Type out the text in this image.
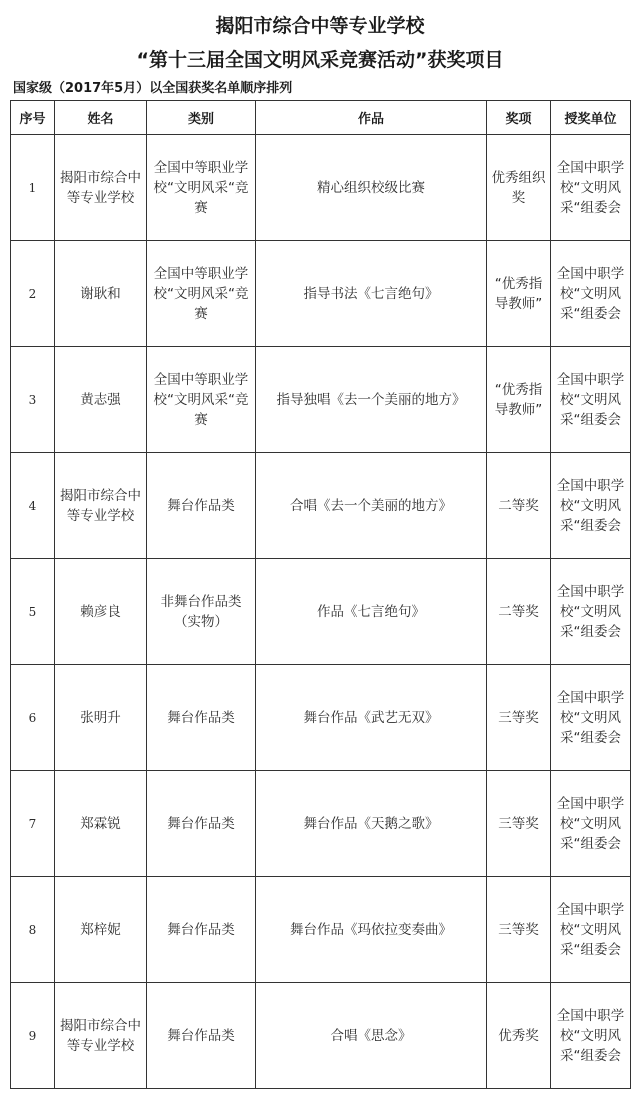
揭阳市综合中等专业学校
“第十三届全国文明风采竞赛活动”获奖项目
国家级（2017年5月）以全国获奖名单顺序排列
序号	姓名	类别	作品	奖项	授奖单位
1	揭阳市综合中等专业学校	全国中等职业学校“文明风采“竞赛	精心组织校级比赛	优秀组织奖	全国中职学校“文明风采“组委会
2	谢耿和	全国中等职业学校“文明风采“竞赛	指导书法《七言绝句》	“优秀指导教师”	全国中职学校“文明风采“组委会
3	黄志强	全国中等职业学校“文明风采“竞赛	指导独唱《去一个美丽的地方》	“优秀指导教师”	全国中职学校“文明风采“组委会
4	揭阳市综合中等专业学校	舞台作品类	合唱《去一个美丽的地方》	二等奖	全国中职学校“文明风采“组委会
5	赖彦良	非舞台作品类（实物）	作品《七言绝句》	二等奖	全国中职学校“文明风采“组委会
6	张明升	舞台作品类	舞台作品《武艺无双》	三等奖	全国中职学校“文明风采“组委会
7	郑霖锐	舞台作品类	舞台作品《天鹅之歌》	三等奖	全国中职学校“文明风采“组委会
8	郑梓妮	舞台作品类	舞台作品《玛依拉变奏曲》	三等奖	全国中职学校“文明风采“组委会
9	揭阳市综合中等专业学校	舞台作品类	合唱《思念》	优秀奖	全国中职学校“文明风采“组委会
